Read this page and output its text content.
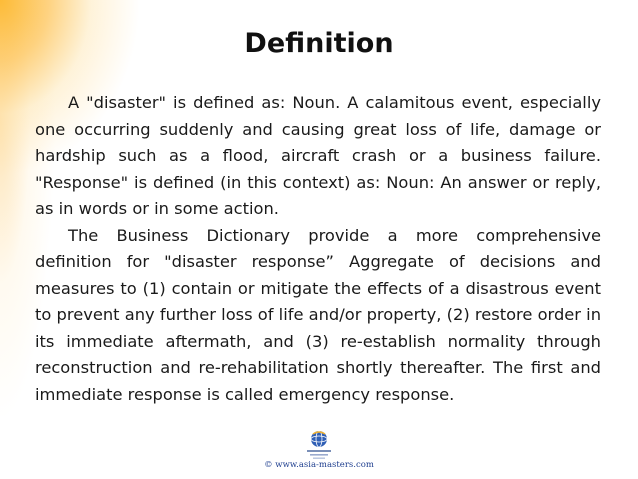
Definition

A "disaster" is defined as: Noun. A calamitous event, especially one occurring suddenly and causing great loss of life, damage or hardship such as a flood, aircraft crash or a business failure. "Response" is defined (in this context) as: Noun: An answer or reply, as in words or in some action.

The Business Dictionary provide a more comprehensive definition for "disaster response” Aggregate of decisions and measures to (1) contain or mitigate the effects of a disastrous event to prevent any further loss of life and/or property, (2) restore order in its immediate aftermath, and (3) re-establish normality through reconstruction and re-rehabilitation shortly thereafter. The first and immediate response is called emergency response.

© www.asia-masters.com
